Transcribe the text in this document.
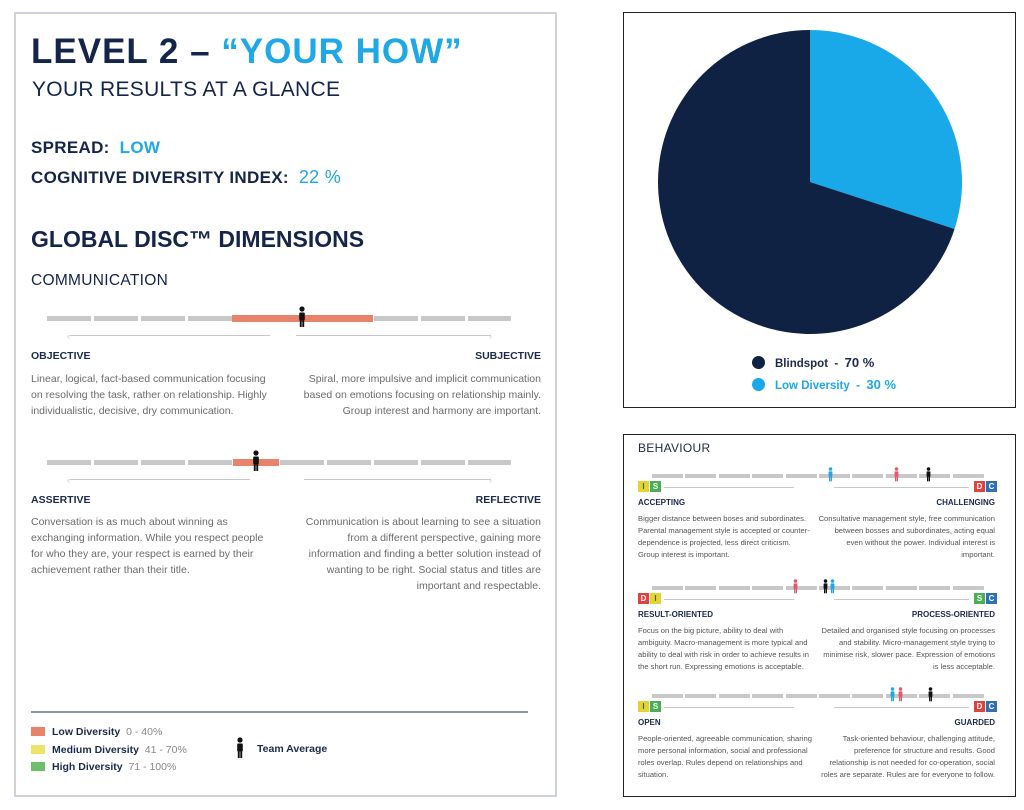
LEVEL 2 – “YOUR HOW”
YOUR RESULTS AT A GLANCE
SPREAD: LOW
COGNITIVE DIVERSITY INDEX: 22 %
GLOBAL DISC™ DIMENSIONS
COMMUNICATION
‹	›
OBJECTIVE	SUBJECTIVE
Linear, logical, fact-based communication focusing on resolving the task, rather on relationship. Highly individualistic, decisive, dry communication.
Spiral, more impulsive and implicit communication based on emotions focusing on relationship mainly. Group interest and harmony are important.
‹	›
ASSERTIVE	REFLECTIVE
Conversation is as much about winning as exchanging information. While you respect people for who they are, your respect is earned by their achievement rather than their title.
Communication is about learning to see a situation from a different perspective, gaining more information and finding a better solution instead of wanting to be right. Social status and titles are important and respectable.
Low Diversity 0 - 40%
Medium Diversity 41 - 70%
High Diversity 71 - 100%
Team Average
Blindspot  -  70 %
Low Diversity  -  30 %
BEHAVIOUR
I	S	D C
ACCEPTING	CHALLENGING
Bigger distance between boses and subordinates. Parental management style is accepted or counter-dependence is projected, less direct criticism. Group interest is important.
Consultative management style, free communication between bosses and subordinates, acting equal even without the power. Individual interest is important.
D I	S C
RESULT-ORIENTED	PROCESS-ORIENTED
Focus on the big picture, ability to deal with ambiguity. Macro-management is more typical and ability to deal with risk in order to achieve results in the short run. Expressing emotions is acceptable.
Detailed and organised style focusing on processes and stability. Micro-management style trying to minimise risk, slower pace. Expression of emotions is less acceptable.
I	S	D C
OPEN	GUARDED
People-oriented, agreeable communication, sharing more personal information, social and professional roles overlap. Rules depend on relationships and situation.
Task-oriented behaviour, challenging attitude, preference for structure and results. Good relationship is not needed for co-operation, social roles are separate. Rules are for everyone to follow.
